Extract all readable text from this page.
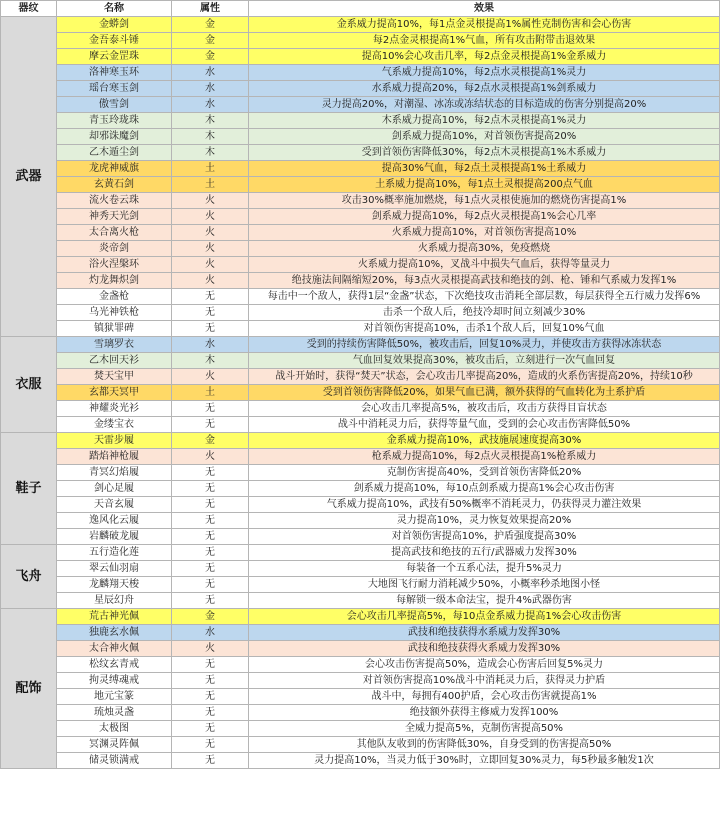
器纹	名称	属性	效果
武器	金蟒剑	金	金系威力提高10%，每1点金灵根提高1%属性克制伤害和会心伤害
	金吾泰斗锤	金	每2点金灵根提高1%气血，所有攻击附带击退效果
	摩云金罡珠	金	提高10%会心攻击几率，每2点金灵根提高1%金系威力
	洛神寒玉环	水	气系威力提高10%，每2点水灵根提高1%灵力
	瑶台寒玉剑	水	水系威力提高20%，每2点水灵根提高1%剑系威力
	傲雪剑	水	灵力提高20%，对潮湿、冰冻或冻结状态的目标造成的伤害分别提高20%
	青玉玲珑珠	木	木系威力提高10%，每2点木灵根提高1%灵力
	却邪诛魔剑	木	剑系威力提高10%，对首领伤害提高20%
	乙木遁尘剑	木	受到首领伤害降低30%，每2点木灵根提高1%木系威力
	龙虎神威旗	土	提高30%气血，每2点土灵根提高1%土系威力
	玄黄石剑	土	土系威力提高10%，每1点土灵根提高200点气血
	流火卷云珠	火	攻击30%概率施加燃烧，每1点火灵根使施加的燃烧伤害提高1%
	神秀天光剑	火	剑系威力提高10%，每2点火灵根提高1%会心几率
	太合离火枪	火	火系威力提高10%，对首领伤害提高10%
	炎帝剑	火	火系威力提高30%，免疫燃烧
	浴火涅槃环	火	火系威力提高10%，叉战斗中损失气血后，获得等量灵力
	灼龙舞炽剑	火	绝技施法间隔缩短20%，每3点火灵根提高武技和绝技的剑、枪、锤和气系威力发挥1%
	金盏枪	无	每击中一个敌人，获得1层“金盏”状态，下次绝技攻击消耗全部层数，每层获得全五行威力发挥6%
	乌光神铁枪	无	击杀一个敌人后，绝技冷却时间立刻减少30%
	镇狱罪碑	无	对首领伤害提高10%，击杀1个敌人后，回复10%气血
衣服	雪璃罗衣	水	受到的持续伤害降低50%，被攻击后，回复10%灵力，并使攻击方获得冰冻状态
	乙木回天衫	木	气血回复效果提高30%，被攻击后，立刻进行一次气血回复
	焚天宝甲	火	战斗开始时，获得“焚天”状态，会心攻击几率提高20%，造成的火系伤害提高20%，持续10秒
	玄都天冥甲	土	受到首领伤害降低20%，如果气血已满，额外获得的气血转化为土系护盾
	神耀炎光衫	无	会心攻击几率提高5%，被攻击后，攻击方获得目盲状态
	金缕宝衣	无	战斗中消耗灵力后，获得等量气血，受到的会心攻击伤害降低50%
鞋子	天雷步履	金	金系威力提高10%，武技施展速度提高30%
	踏焰神枪履	火	枪系威力提高10%，每2点火灵根提高1%枪系威力
	青冥幻焰履	无	克制伤害提高40%，受到首领伤害降低20%
	剑心足履	无	剑系威力提高10%，每10点剑系威力提高1%会心攻击伤害
	天音玄履	无	气系威力提高10%，武技有50%概率不消耗灵力，仍获得灵力灌注效果
	逸风化云履	无	灵力提高10%，灵力恢复效果提高20%
	岩麟破龙履	无	对首领伤害提高10%，护盾强度提高30%
飞舟	五行造化莲	无	提高武技和绝技的五行/武器威力发挥30%
	翠云仙羽扇	无	每装备一个五系心法，提升5%灵力
	龙麟翔天梭	无	大地图飞行耐力消耗减少50%，小概率秒杀地图小怪
	星辰幻舟	无	每解锁一级本命法宝，提升4%武器伤害
配饰	荒古神光佩	金	会心攻击几率提高5%，每10点金系威力提高1%会心攻击伤害
	独鹿玄水佩	水	武技和绝技获得水系威力发挥30%
	太合神火佩	火	武技和绝技获得火系威力发挥30%
	松纹玄青戒	无	会心攻击伤害提高50%，造成会心伤害后回复5%灵力
	拘灵缚魂戒	无	对首领伤害提高10%战斗中消耗灵力后，获得灵力护盾
	地元宝篆	无	战斗中，每拥有400护盾，会心攻击伤害就提高1%
	琉烛灵盏	无	绝技额外获得主修威力发挥100%
	太极图	无	全威力提高5%，克制伤害提高50%
	冥渊灵阵佩	无	其他队友收到的伤害降低30%，自身受到的伤害提高50%
	储灵锁满戒	无	灵力提高10%，当灵力低于30%时，立即回复30%灵力，每5秒最多触发1次
